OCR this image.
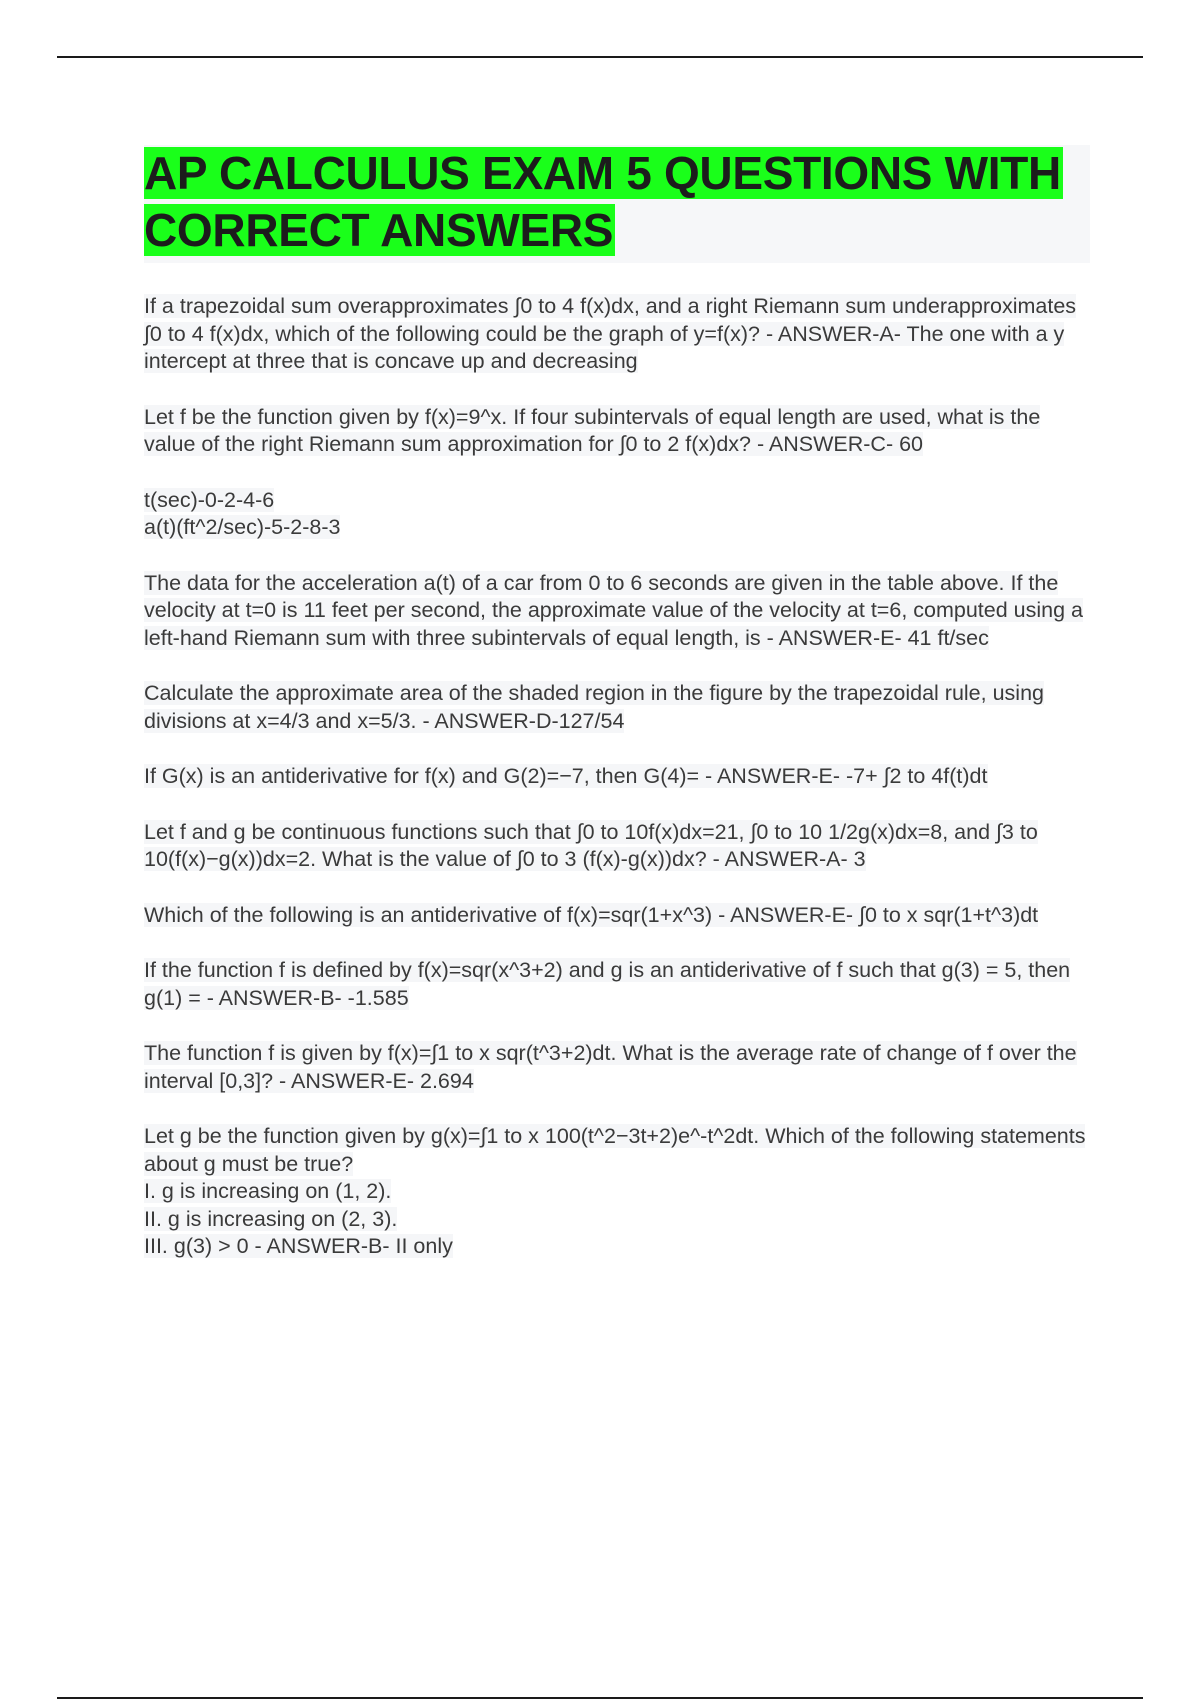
AP CALCULUS EXAM 5 QUESTIONS WITH CORRECT ANSWERS

If a trapezoidal sum overapproximates ∫0 to 4 f(x)dx, and a right Riemann sum underapproximates ∫0 to 4 f(x)dx, which of the following could be the graph of y=f(x)? - ANSWER-A- The one with a y intercept at three that is concave up and decreasing

Let f be the function given by f(x)=9^x. If four subintervals of equal length are used, what is the value of the right Riemann sum approximation for ∫0 to 2 f(x)dx? - ANSWER-C- 60

t(sec)-0-2-4-6
a(t)(ft^2/sec)-5-2-8-3

The data for the acceleration a(t) of a car from 0 to 6 seconds are given in the table above. If the velocity at t=0 is 11 feet per second, the approximate value of the velocity at t=6, computed using a left-hand Riemann sum with three subintervals of equal length, is - ANSWER-E- 41 ft/sec

Calculate the approximate area of the shaded region in the figure by the trapezoidal rule, using divisions at x=4/3 and x=5/3. - ANSWER-D-127/54

If G(x) is an antiderivative for f(x) and G(2)=−7, then G(4)= - ANSWER-E- -7+ ∫2 to 4f(t)dt

Let f and g be continuous functions such that ∫0 to 10f(x)dx=21, ∫0 to 10 1/2g(x)dx=8, and ∫3 to 10(f(x)−g(x))dx=2. What is the value of ∫0 to 3 (f(x)-g(x))dx? - ANSWER-A- 3

Which of the following is an antiderivative of f(x)=sqr(1+x^3) - ANSWER-E- ∫0 to x sqr(1+t^3)dt

If the function f is defined by f(x)=sqr(x^3+2) and g is an antiderivative of f such that g(3) = 5, then g(1) = - ANSWER-B- -1.585

The function f is given by f(x)=∫1 to x sqr(t^3+2)dt. What is the average rate of change of f over the interval [0,3]? - ANSWER-E- 2.694

Let g be the function given by g(x)=∫1 to x 100(t^2−3t+2)e^-t^2dt. Which of the following statements about g must be true?
I. g is increasing on (1, 2).
II. g is increasing on (2, 3).
III. g(3) > 0 - ANSWER-B- II only
